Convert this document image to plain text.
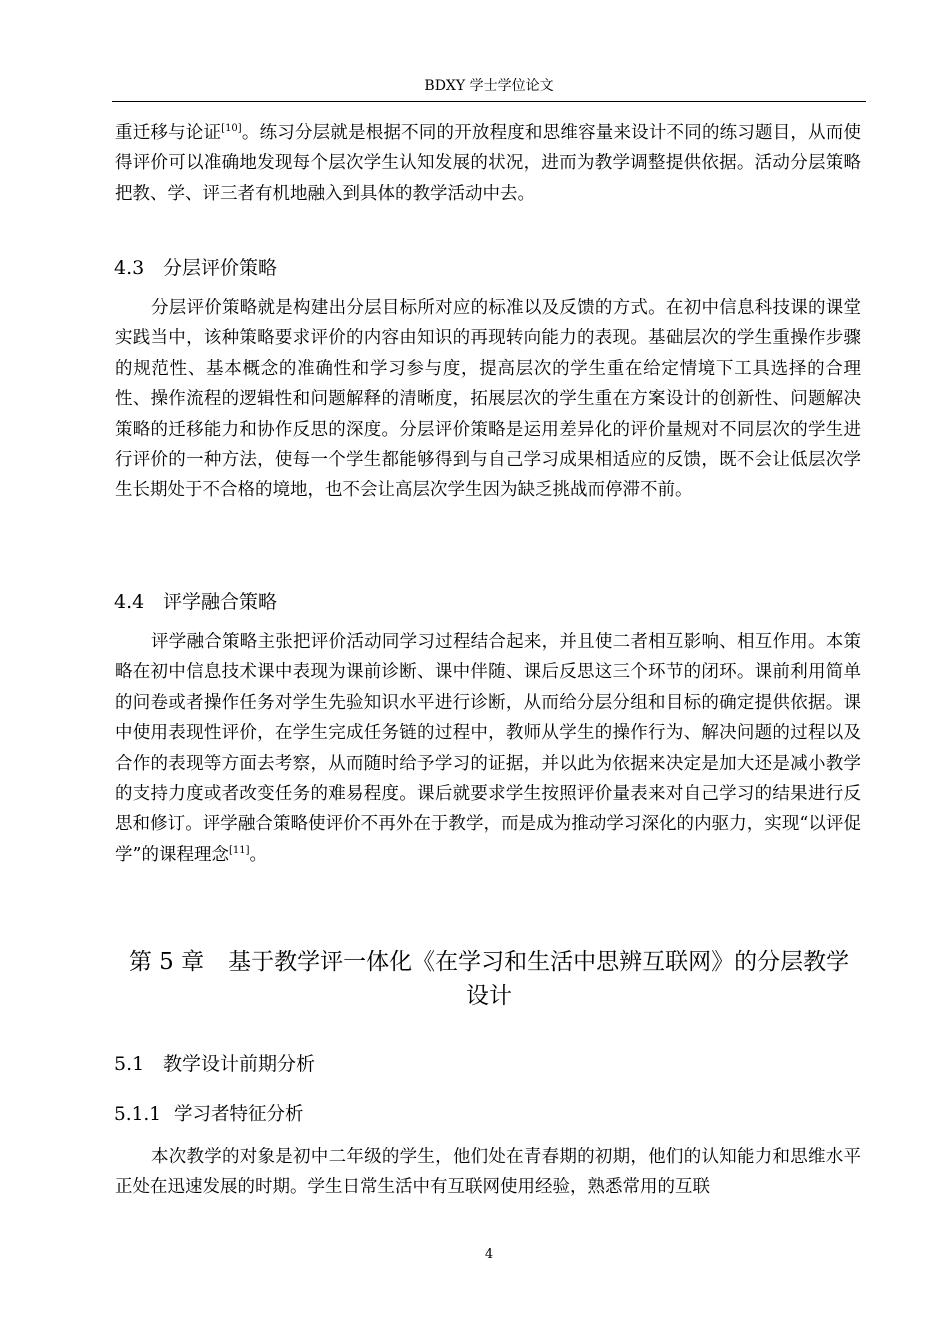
BDXY 学士学位论文

重迁移与论证[10]。练习分层就是根据不同的开放程度和思维容量来设计不同的练习题目，从而使得评价可以准确地发现每个层次学生认知发展的状况，进而为教学调整提供依据。活动分层策略把教、学、评三者有机地融入到具体的教学活动中去。

4.3 分层评价策略

分层评价策略就是构建出分层目标所对应的标准以及反馈的方式。在初中信息科技课的课堂实践当中，该种策略要求评价的内容由知识的再现转向能力的表现。基础层次的学生重操作步骤的规范性、基本概念的准确性和学习参与度，提高层次的学生重在给定情境下工具选择的合理性、操作流程的逻辑性和问题解释的清晰度，拓展层次的学生重在方案设计的创新性、问题解决策略的迁移能力和协作反思的深度。分层评价策略是运用差异化的评价量规对不同层次的学生进行评价的一种方法，使每一个学生都能够得到与自己学习成果相适应的反馈，既不会让低层次学生长期处于不合格的境地，也不会让高层次学生因为缺乏挑战而停滞不前。

4.4 评学融合策略

评学融合策略主张把评价活动同学习过程结合起来，并且使二者相互影响、相互作用。本策略在初中信息技术课中表现为课前诊断、课中伴随、课后反思这三个环节的闭环。课前利用简单的问卷或者操作任务对学生先验知识水平进行诊断，从而给分层分组和目标的确定提供依据。课中使用表现性评价，在学生完成任务链的过程中，教师从学生的操作行为、解决问题的过程以及合作的表现等方面去考察，从而随时给予学习的证据，并以此为依据来决定是加大还是减小教学的支持力度或者改变任务的难易程度。课后就要求学生按照评价量表来对自己学习的结果进行反思和修订。评学融合策略使评价不再外在于教学，而是成为推动学习深化的内驱力，实现“以评促学”的课程理念[11]。

第 5 章 基于教学评一体化《在学习和生活中思辨互联网》的分层教学
设计
5.1 教学设计前期分析
5.1.1 学习者特征分析

本次教学的对象是初中二年级的学生，他们处在青春期的初期，他们的认知能力和思维水平正处在迅速发展的时期。学生日常生活中有互联网使用经验，熟悉常用的互联

4
